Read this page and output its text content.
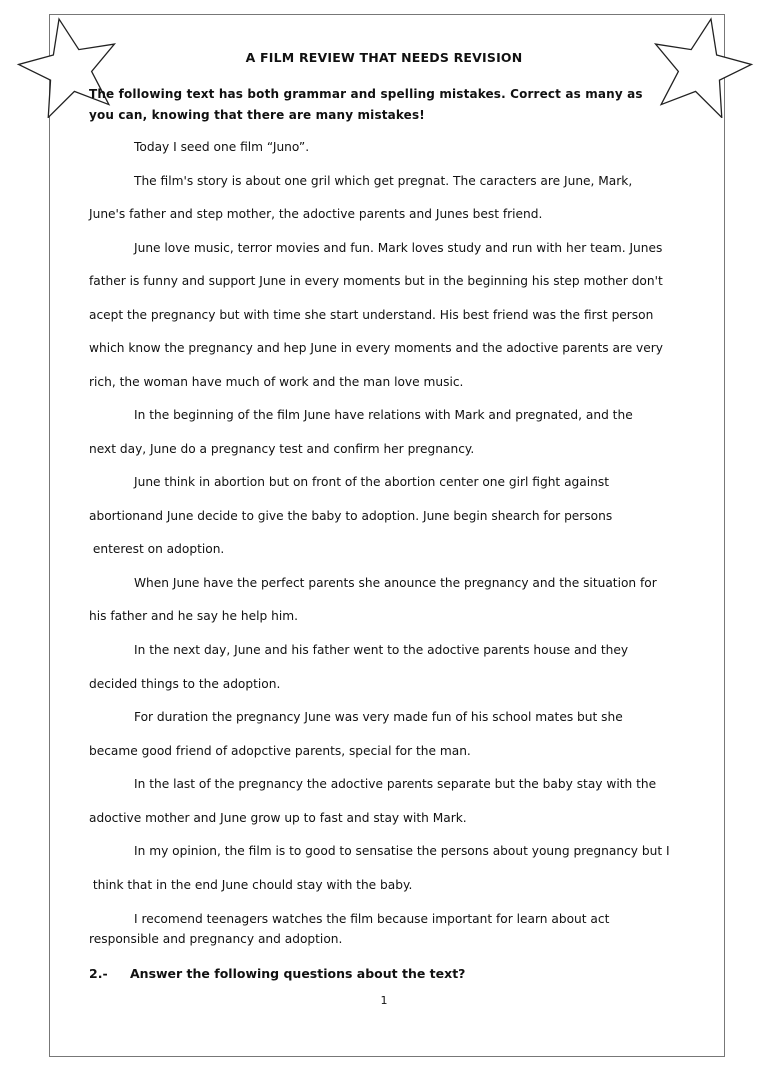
A FILM REVIEW THAT NEEDS REVISION
The following text has both grammar and spelling mistakes. Correct as many as you can, knowing that there are many mistakes!
Today I seed one film “Juno”.
The film's story is about one gril which get pregnat. The caracters are June, Mark,
June's father and step mother, the adoctive parents and Junes best friend.
June love music, terror movies and fun. Mark loves study and run with her team. Junes
father is funny and support June in every moments but in the beginning his step mother don't
acept the pregnancy but with time she start understand. His best friend was the first person
which know the pregnancy and hep June in every moments and the adoctive parents are very
rich, the woman have much of work and the man love music.
In the beginning of the film June have relations with Mark and pregnated, and the
next day, June do a pregnancy test and confirm her pregnancy.
June think in abortion but on front of the abortion center one girl fight against
abortionand June decide to give the baby to adoption. June begin shearch for persons
enterest on adoption.
When June have the perfect parents she anounce the pregnancy and the situation for
his father and he say he help him.
In the next day, June and his father went to the adoctive parents house and they
decided things to the adoption.
For duration the pregnancy June was very made fun of his school mates but she
became good friend of adopctive parents, special for the man.
In the last of the pregnancy the adoctive parents separate but the baby stay with the
adoctive mother and June grow up to fast and stay with Mark.
In my opinion, the film is to good to sensatise the persons about young pregnancy but I
think that in the end June chould stay with the baby.
I recomend teenagers watches the film because important for learn about act
responsible and pregnancy and adoption.
2.- Answer the following questions about the text?
1
